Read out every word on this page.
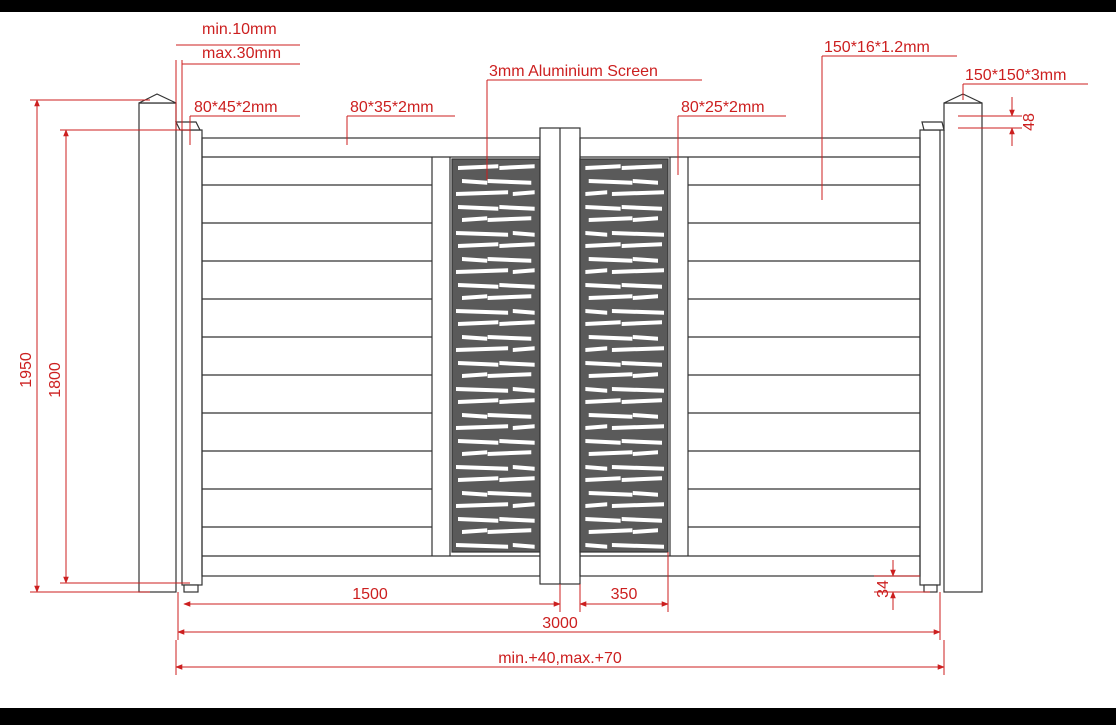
min.10mm
max.30mm
80*45*2mm	80*35*2mm
3mm Aluminium Screen
80*25*2mm
150*16*1.2mm
150*150*3mm
48
1950 1800
1500	350
3000
min.+40,max.+70
34
